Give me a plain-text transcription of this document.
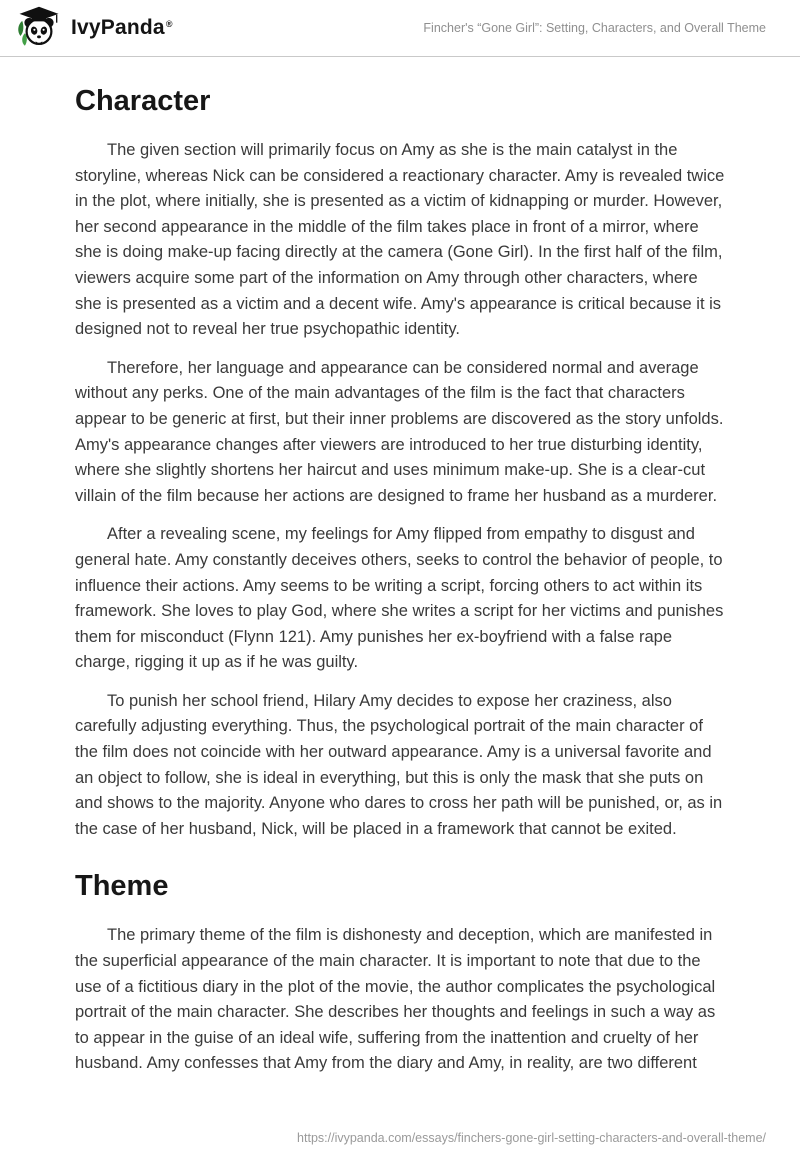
IvyPanda®	Fincher's “Gone Girl”: Setting, Characters, and Overall Theme
Character

The given section will primarily focus on Amy as she is the main catalyst in the storyline, whereas Nick can be considered a reactionary character. Amy is revealed twice in the plot, where initially, she is presented as a victim of kidnapping or murder. However, her second appearance in the middle of the film takes place in front of a mirror, where she is doing make-up facing directly at the camera (Gone Girl). In the first half of the film, viewers acquire some part of the information on Amy through other characters, where she is presented as a victim and a decent wife. Amy's appearance is critical because it is designed not to reveal her true psychopathic identity.

Therefore, her language and appearance can be considered normal and average without any perks. One of the main advantages of the film is the fact that characters appear to be generic at first, but their inner problems are discovered as the story unfolds. Amy's appearance changes after viewers are introduced to her true disturbing identity, where she slightly shortens her haircut and uses minimum make-up. She is a clear-cut villain of the film because her actions are designed to frame her husband as a murderer.

After a revealing scene, my feelings for Amy flipped from empathy to disgust and general hate. Amy constantly deceives others, seeks to control the behavior of people, to influence their actions. Amy seems to be writing a script, forcing others to act within its framework. She loves to play God, where she writes a script for her victims and punishes them for misconduct (Flynn 121). Amy punishes her ex-boyfriend with a false rape charge, rigging it up as if he was guilty.

To punish her school friend, Hilary Amy decides to expose her craziness, also carefully adjusting everything. Thus, the psychological portrait of the main character of the film does not coincide with her outward appearance. Amy is a universal favorite and an object to follow, she is ideal in everything, but this is only the mask that she puts on and shows to the majority. Anyone who dares to cross her path will be punished, or, as in the case of her husband, Nick, will be placed in a framework that cannot be exited.

Theme

The primary theme of the film is dishonesty and deception, which are manifested in the superficial appearance of the main character. It is important to note that due to the use of a fictitious diary in the plot of the movie, the author complicates the psychological portrait of the main character. She describes her thoughts and feelings in such a way as to appear in the guise of an ideal wife, suffering from the inattention and cruelty of her husband. Amy confesses that Amy from the diary and Amy, in reality, are two different

https://ivypanda.com/essays/finchers-gone-girl-setting-characters-and-overall-theme/
